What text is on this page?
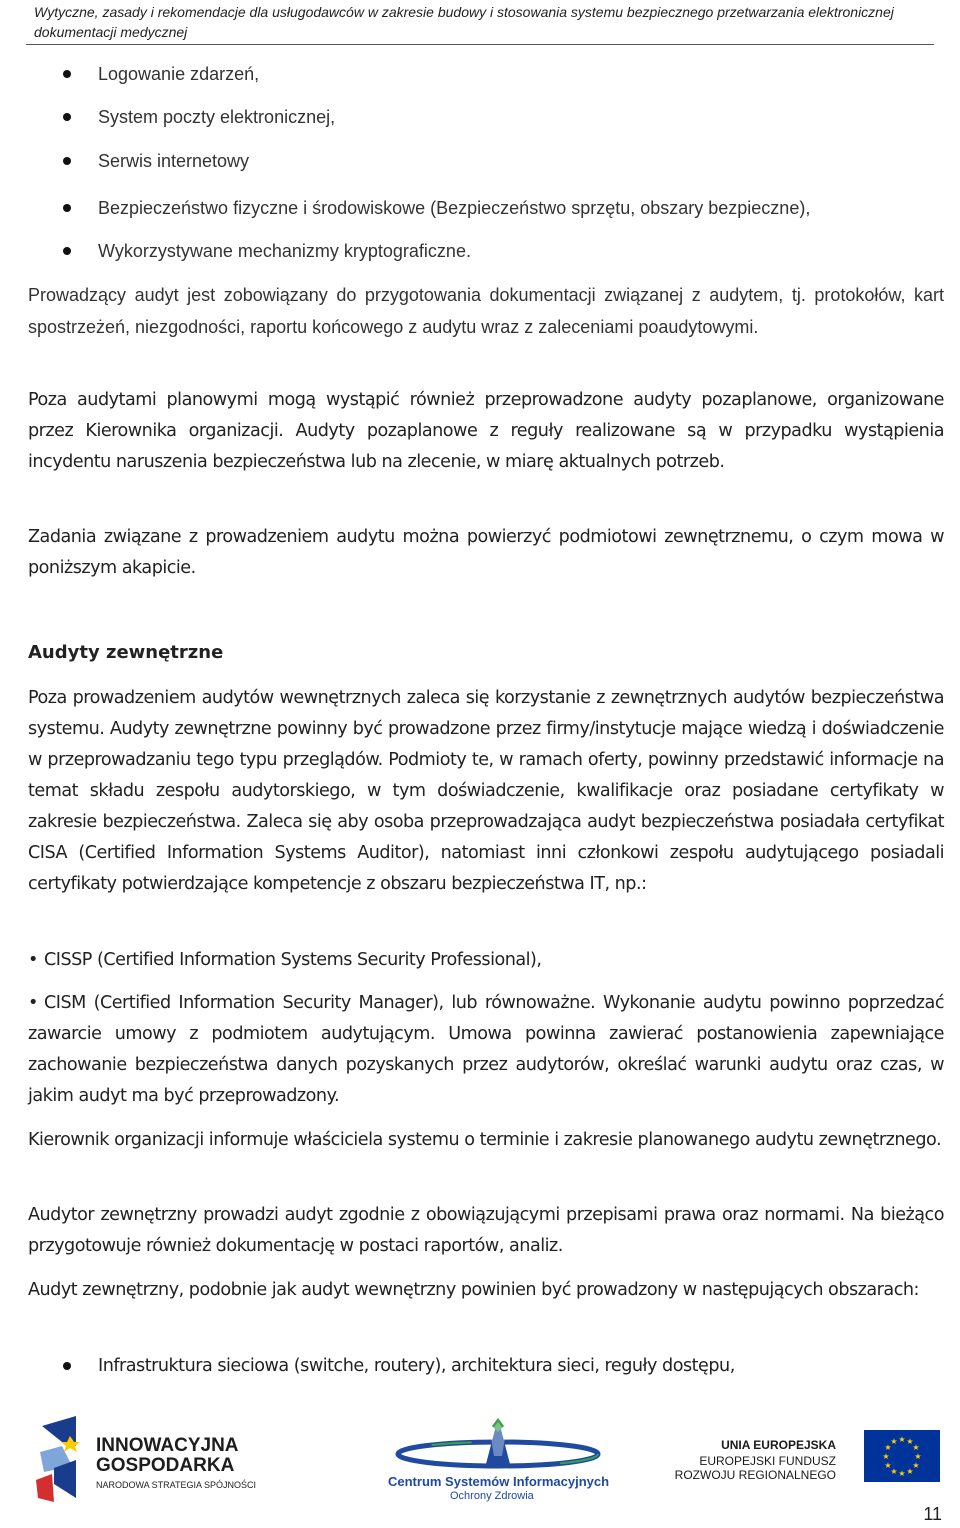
Wytyczne, zasady i rekomendacje dla usługodawców w zakresie budowy i stosowania systemu bezpiecznego przetwarzania elektronicznej dokumentacji medycznej
Logowanie zdarzeń,
System poczty elektronicznej,
Serwis internetowy
Bezpieczeństwo fizyczne i środowiskowe (Bezpieczeństwo sprzętu, obszary bezpieczne),
Wykorzystywane mechanizmy kryptograficzne.
Prowadzący audyt jest zobowiązany do przygotowania dokumentacji związanej z audytem, tj. protokołów, kart spostrzeżeń, niezgodności, raportu końcowego z audytu wraz z zaleceniami poaudytowymi.
Poza audytami planowymi mogą wystąpić również przeprowadzone audyty pozaplanowe, organizowane przez Kierownika organizacji. Audyty pozaplanowe z reguły realizowane są w przypadku wystąpienia incydentu naruszenia bezpieczeństwa lub na zlecenie, w miarę aktualnych potrzeb.
Zadania związane z prowadzeniem audytu można powierzyć podmiotowi zewnętrznemu, o czym mowa w poniższym akapicie.
Audyty zewnętrzne
Poza prowadzeniem audytów wewnętrznych zaleca się korzystanie z zewnętrznych audytów bezpieczeństwa systemu. Audyty zewnętrzne powinny być prowadzone przez firmy/instytucje mające wiedzą i doświadczenie w przeprowadzaniu tego typu przeglądów. Podmioty te, w ramach oferty, powinny przedstawić informacje na temat składu zespołu audytorskiego, w tym doświadczenie, kwalifikacje oraz posiadane certyfikaty w zakresie bezpieczeństwa. Zaleca się aby osoba przeprowadzająca audyt bezpieczeństwa posiadała certyfikat CISA (Certified Information Systems Auditor), natomiast inni członkowi zespołu audytującego posiadali certyfikaty potwierdzające kompetencje z obszaru bezpieczeństwa IT, np.:
• CISSP (Certified Information Systems Security Professional),
• CISM (Certified Information Security Manager), lub równoważne. Wykonanie audytu powinno poprzedzać zawarcie umowy z podmiotem audytującym. Umowa powinna zawierać postanowienia zapewniające zachowanie bezpieczeństwa danych pozyskanych przez audytorów, określać warunki audytu oraz czas, w jakim audyt ma być przeprowadzony.
Kierownik organizacji informuje właściciela systemu o terminie i zakresie planowanego audytu zewnętrznego.
Audytor zewnętrzny prowadzi audyt zgodnie z obowiązującymi przepisami prawa oraz normami. Na bieżąco przygotowuje również dokumentację w postaci raportów, analiz.
Audyt zewnętrzny, podobnie jak audyt wewnętrzny powinien być prowadzony w następujących obszarach:
Infrastruktura sieciowa (switche, routery), architektura sieci, reguły dostępu,
INNOWACYJNA
GOSPODARKA
NARODOWA STRATEGIA SPÓJNOŚCI	Centrum Systemów Informacyjnych
Ochrony Zdrowia
UNIA EUROPEJSKA
EUROPEJSKI FUNDUSZ
ROZWOJU REGIONALNEGO
★ ★
★
★
★
★
★
★
★
★
★
★
11
